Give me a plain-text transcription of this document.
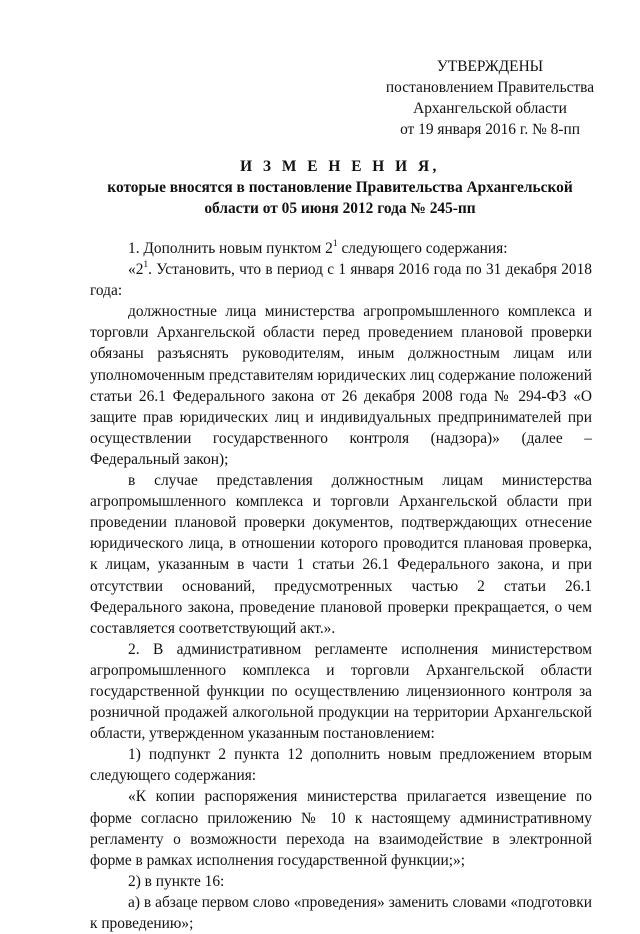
УТВЕРЖДЕНЫ
постановлением Правительства
Архангельской области
от 19 января 2016 г. № 8-пп
И З М Е Н Е Н И Я,
которые вносятся в постановление Правительства Архангельской
области от 05 июня 2012 года № 245-пп

1. Дополнить новым пунктом $2^1$ следующего содержания:

«$2^1$. Установить, что в период с 1 января 2016 года по 31 декабря 2018 года:

должностные лица министерства агропромышленного комплекса и торговли Архангельской области перед проведением плановой проверки обязаны разъяснять руководителям, иным должностным лицам или уполномоченным представителям юридических лиц содержание положений статьи 26.1 Федерального закона от 26 декабря 2008 года № 294-ФЗ «О защите прав юридических лиц и индивидуальных предпринимателей при осуществлении государственного контроля (надзора)» (далее – Федеральный закон);

в случае представления должностным лицам министерства агропромышленного комплекса и торговли Архангельской области при проведении плановой проверки документов, подтверждающих отнесение юридического лица, в отношении которого проводится плановая проверка, к лицам, указанным в части 1 статьи 26.1 Федерального закона, и при отсутствии оснований, предусмотренных частью 2 статьи 26.1 Федерального закона, проведение плановой проверки прекращается, о чем составляется соответствующий акт.».

2. В административном регламенте исполнения министерством агропромышленного комплекса и торговли Архангельской области государственной функции по осуществлению лицензионного контроля за розничной продажей алкогольной продукции на территории Архангельской области, утвержденном указанным постановлением:

1) подпункт 2 пункта 12 дополнить новым предложением вторым следующего содержания:

«К копии распоряжения министерства прилагается извещение по форме согласно приложению № 10 к настоящему административному регламенту о возможности перехода на взаимодействие в электронной форме в рамках исполнения государственной функции;»;

2) в пункте 16:

а) в абзаце первом слово «проведения» заменить словами «подготовки к проведению»;
